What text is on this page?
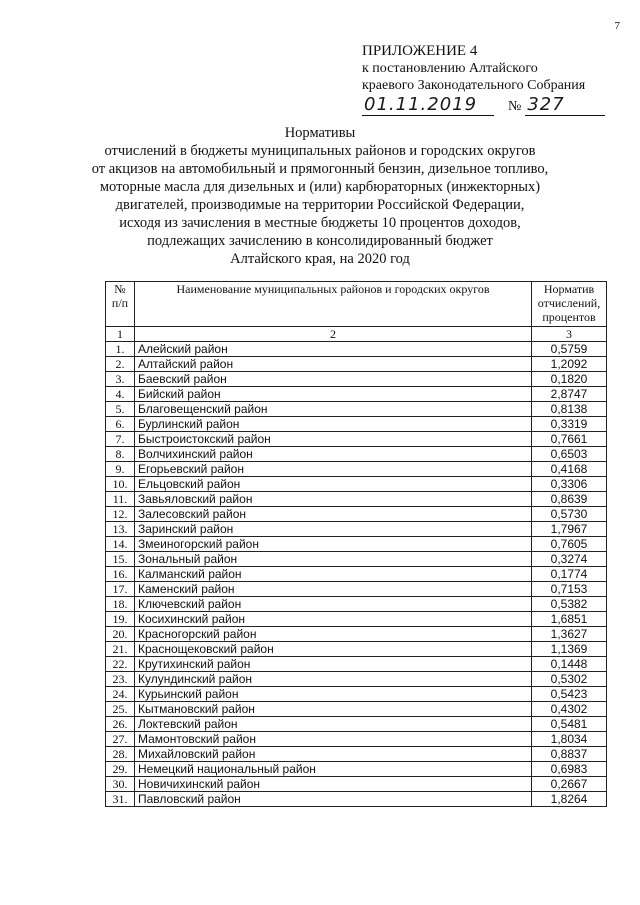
7
ПРИЛОЖЕНИЕ 4
к постановлению Алтайского
краевого Законодательного Собрания
01.11.2019	№ 327
Нормативы
отчислений в бюджеты муниципальных районов и городских округов
от акцизов на автомобильный и прямогонный бензин, дизельное топливо,
моторные масла для дизельных и (или) карбюраторных (инжекторных)
двигателей, производимые на территории Российской Федерации,
исходя из зачисления в местные бюджеты 10 процентов доходов,
подлежащих зачислению в консолидированный бюджет
Алтайского края, на 2020 год
№ п/п	Наименование муниципальных районов и городских округов	Норматив отчислений, процентов
1	2	3
1.	Алейский район	0,5759
2.	Алтайский район	1,2092
3.	Баевский район	0,1820
4.	Бийский район	2,8747
5.	Благовещенский район	0,8138
6.	Бурлинский район	0,3319
7.	Быстроистокский район	0,7661
8.	Волчихинский район	0,6503
9.	Егорьевский район	0,4168
10.	Ельцовский район	0,3306
11.	Завьяловский район	0,8639
12.	Залесовский район	0,5730
13.	Заринский район	1,7967
14.	Змеиногорский район	0,7605
15.	Зональный район	0,3274
16.	Калманский район	0,1774
17.	Каменский район	0,7153
18.	Ключевский район	0,5382
19.	Косихинский район	1,6851
20.	Красногорский район	1,3627
21.	Краснощековский район	1,1369
22.	Крутихинский район	0,1448
23.	Кулундинский район	0,5302
24.	Курьинский район	0,5423
25.	Кытмановский район	0,4302
26.	Локтевский район	0,5481
27.	Мамонтовский район	1,8034
28.	Михайловский район	0,8837
29.	Немецкий национальный район	0,6983
30.	Новичихинский район	0,2667
31.	Павловский район	1,8264
